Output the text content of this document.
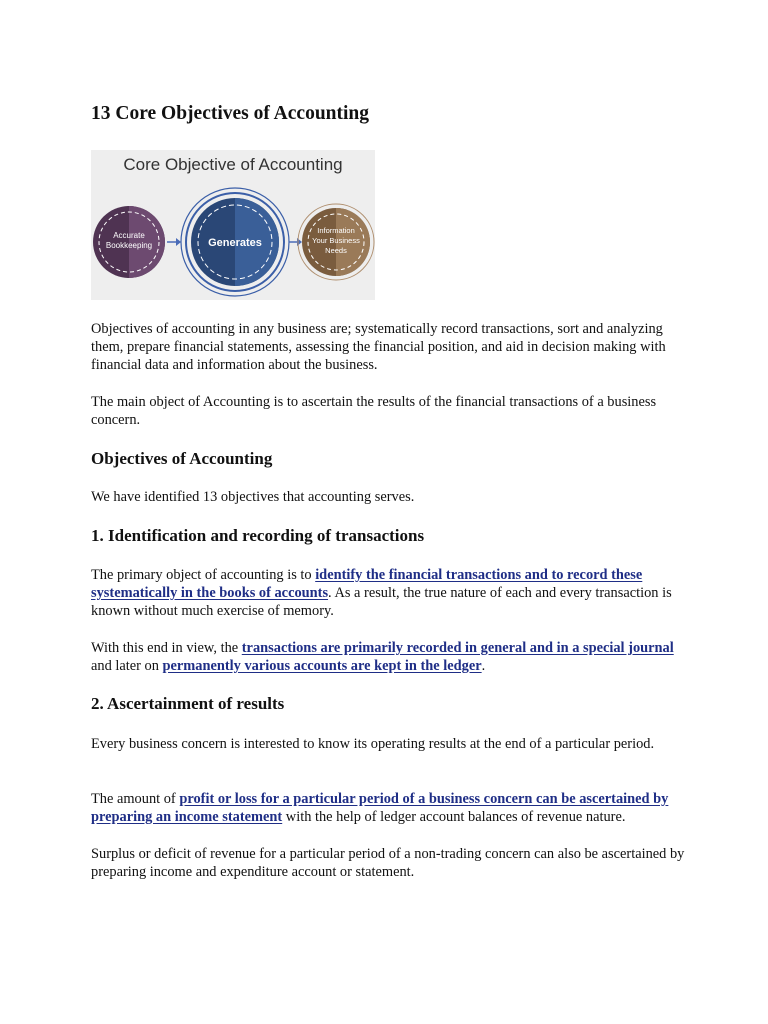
13 Core Objectives of Accounting
Core Objective of Accounting
Accurate
Bookkeeping	Generates
Information
Your Business
Needs

Objectives of accounting in any business are; systematically record transactions, sort and analyzing them, prepare financial statements, assessing the financial position, and aid in decision making with financial data and information about the business.

The main object of Accounting is to ascertain the results of the financial transactions of a business concern.

Objectives of Accounting

We have identified 13 objectives that accounting serves.

1. Identification and recording of transactions

The primary object of accounting is to identify the financial transactions and to record these systematically in the books of accounts. As a result, the true nature of each and every transaction is known without much exercise of memory.

With this end in view, the transactions are primarily recorded in general and in a special journal and later on permanently various accounts are kept in the ledger.

2. Ascertainment of results

Every business concern is interested to know its operating results at the end of a particular period.

The amount of profit or loss for a particular period of a business concern can be ascertained by preparing an income statement with the help of ledger account balances of revenue nature.

Surplus or deficit of revenue for a particular period of a non-trading concern can also be ascertained by preparing income and expenditure account or statement.
